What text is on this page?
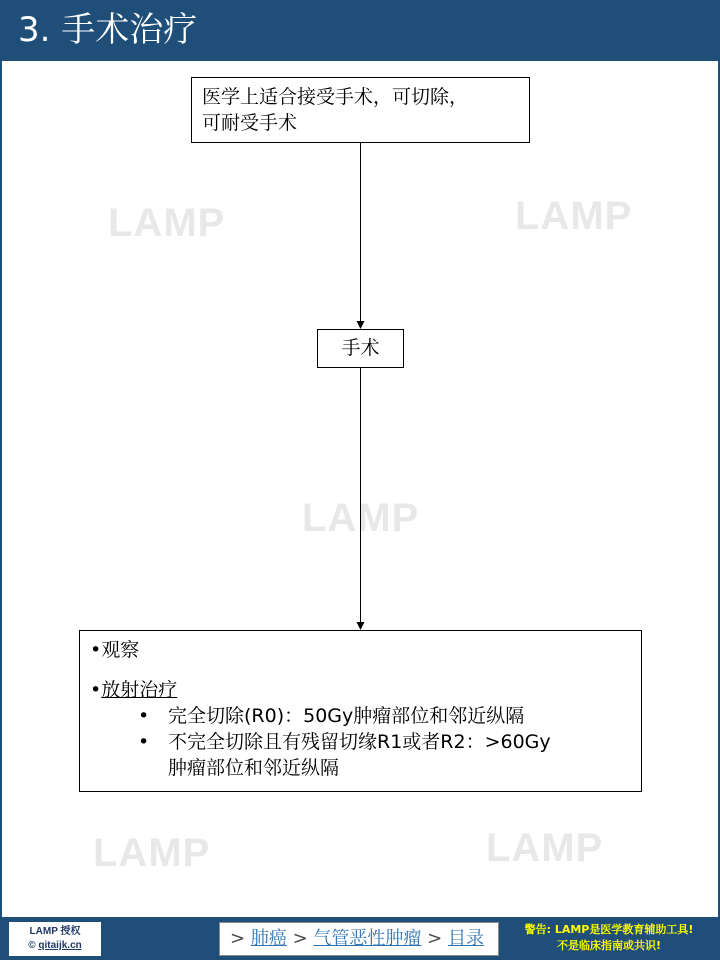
3. 手术治疗
LAMP	LAMP
LAMP
LAMP	LAMP
医学上适合接受手术，可切除，
可耐受手术
手术
•观察
•放射治疗
• 完全切除(R0)：50Gy肿瘤部位和邻近纵隔
• 不完全切除且有残留切缘R1或者R2：>60Gy
肿瘤部位和邻近纵隔
LAMP 授权
© qitaijk.cn	> 肺癌 > 气管恶性肿瘤 > 目录	警告: LAMP是医学教育辅助工具!
不是临床指南或共识!
